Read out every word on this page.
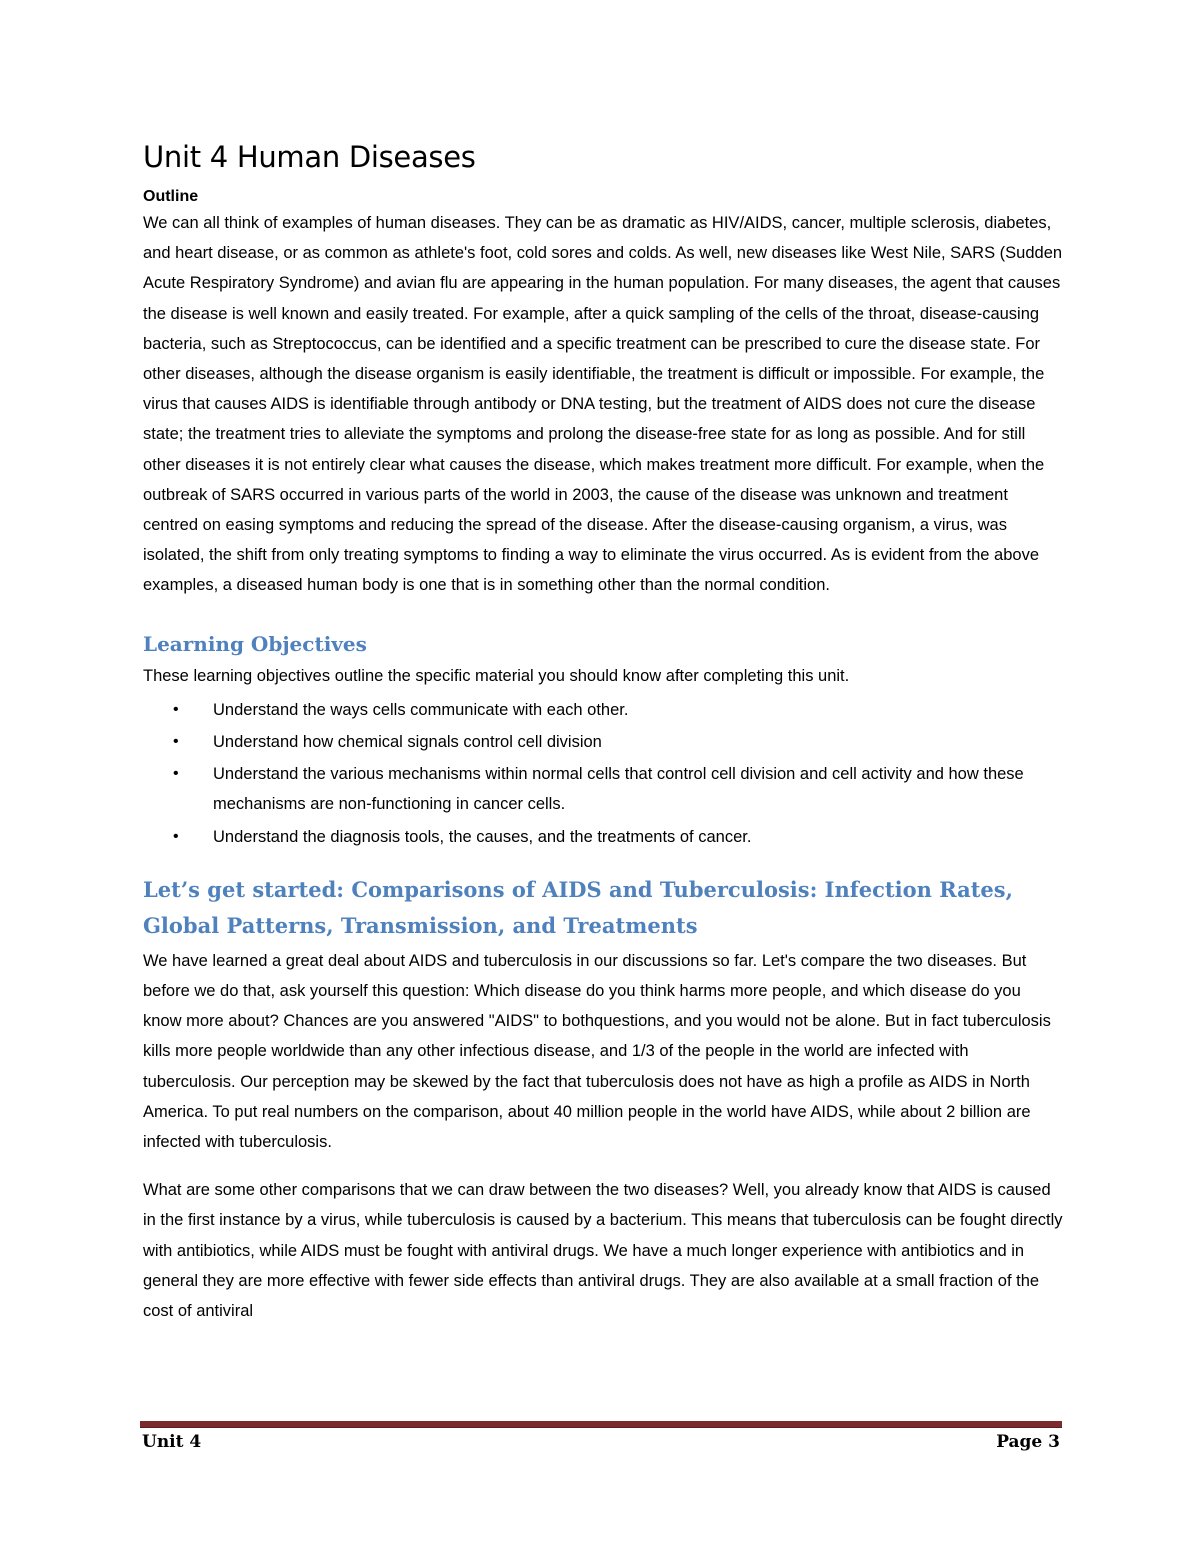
Unit 4 Human Diseases

Outline

We can all think of examples of human diseases. They can be as dramatic as HIV/AIDS, cancer, multiple sclerosis, diabetes, and heart disease, or as common as athlete's foot, cold sores and colds. As well, new diseases like West Nile, SARS (Sudden Acute Respiratory Syndrome) and avian flu are appearing in the human population. For many diseases, the agent that causes the disease is well known and easily treated. For example, after a quick sampling of the cells of the throat, disease-causing bacteria, such as Streptococcus, can be identified and a specific treatment can be prescribed to cure the disease state. For other diseases, although the disease organism is easily identifiable, the treatment is difficult or impossible. For example, the virus that causes AIDS is identifiable through antibody or DNA testing, but the treatment of AIDS does not cure the disease state; the treatment tries to alleviate the symptoms and prolong the disease-free state for as long as possible. And for still other diseases it is not entirely clear what causes the disease, which makes treatment more difficult. For example, when the outbreak of SARS occurred in various parts of the world in 2003, the cause of the disease was unknown and treatment centred on easing symptoms and reducing the spread of the disease. After the disease-causing organism, a virus, was isolated, the shift from only treating symptoms to finding a way to eliminate the virus occurred. As is evident from the above examples, a diseased human body is one that is in something other than the normal condition.

Learning Objectives

These learning objectives outline the specific material you should know after completing this unit.

• Understand the ways cells communicate with each other.
• Understand how chemical signals control cell division
• Understand the various mechanisms within normal cells that control cell division and cell activity and how these mechanisms are non-functioning in cancer cells.
• Understand the diagnosis tools, the causes, and the treatments of cancer.
Let’s get started: Comparisons of AIDS and Tuberculosis: Infection Rates, Global Patterns, Transmission, and Treatments

We have learned a great deal about AIDS and tuberculosis in our discussions so far. Let's compare the two diseases. But before we do that, ask yourself this question: Which disease do you think harms more people, and which disease do you know more about? Chances are you answered "AIDS" to bothquestions, and you would not be alone. But in fact tuberculosis kills more people worldwide than any other infectious disease, and 1/3 of the people in the world are infected with tuberculosis. Our perception may be skewed by the fact that tuberculosis does not have as high a profile as AIDS in North America. To put real numbers on the comparison, about 40 million people in the world have AIDS, while about 2 billion are infected with tuberculosis.

What are some other comparisons that we can draw between the two diseases? Well, you already know that AIDS is caused in the first instance by a virus, while tuberculosis is caused by a bacterium. This means that tuberculosis can be fought directly with antibiotics, while AIDS must be fought with antiviral drugs. We have a much longer experience with antibiotics and in general they are more effective with fewer side effects than antiviral drugs. They are also available at a small fraction of the cost of antiviral

Unit 4	Page 3
